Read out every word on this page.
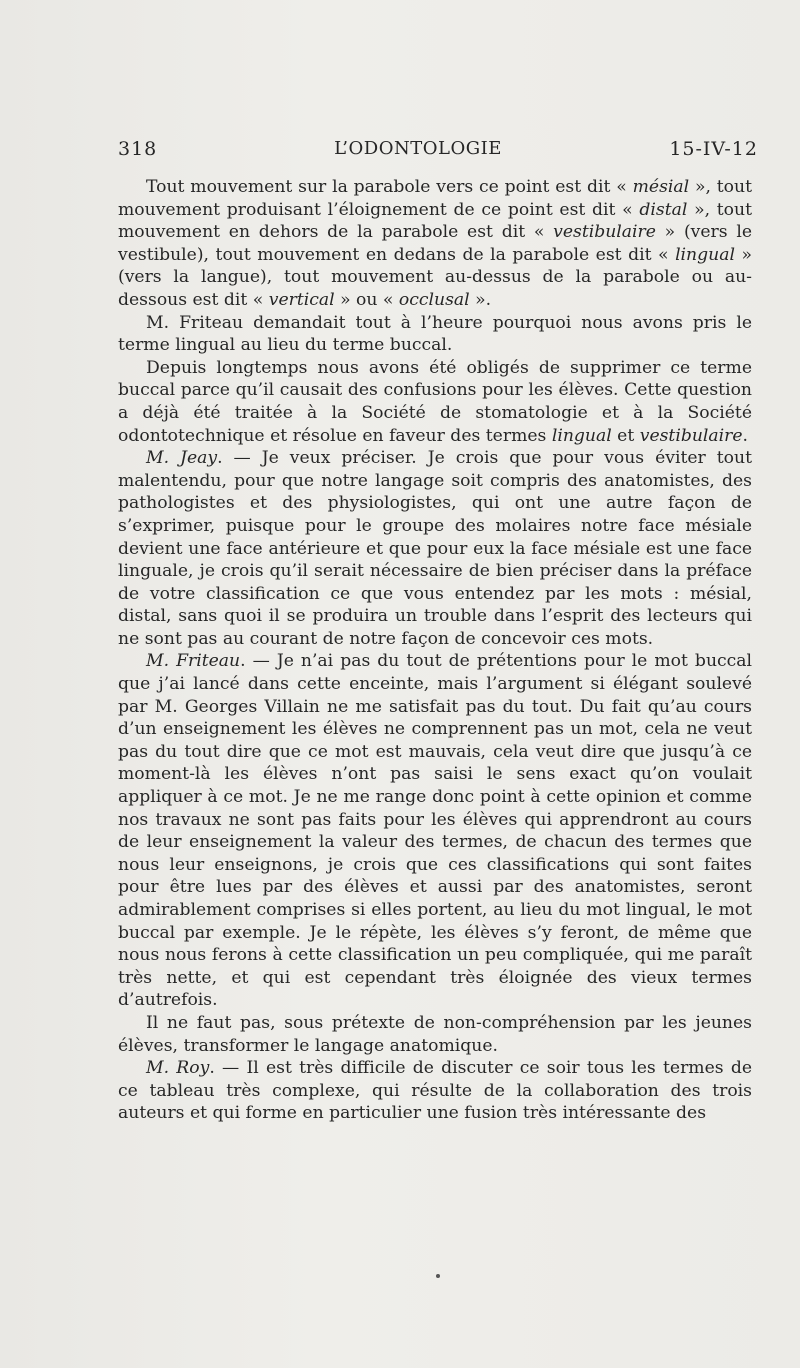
318	L’ODONTOLOGIE	15-IV-12

Tout mouvement sur la parabole vers ce point est dit « mésial », tout mouvement produisant l’éloignement de ce point est dit « distal », tout mouvement en dehors de la parabole est dit « vestibulaire » (vers le vestibule), tout mouvement en dedans de la parabole est dit « lingual » (vers la langue), tout mouvement au-dessus de la parabole ou au-dessous est dit « vertical » ou « occlusal ».

M. Friteau demandait tout à l’heure pourquoi nous avons pris le terme lingual au lieu du terme buccal.

Depuis longtemps nous avons été obligés de supprimer ce terme buccal parce qu’il causait des confusions pour les élèves. Cette question a déjà été traitée à la Société de stomatologie et à la Société odontotechnique et résolue en faveur des termes lingual et vestibulaire.

M. Jeay. — Je veux préciser. Je crois que pour vous éviter tout malentendu, pour que notre langage soit compris des anatomistes, des pathologistes et des physiologistes, qui ont une autre façon de s’exprimer, puisque pour le groupe des molaires notre face mésiale devient une face antérieure et que pour eux la face mésiale est une face linguale, je crois qu’il serait nécessaire de bien préciser dans la préface de votre classification ce que vous entendez par les mots : mésial, distal, sans quoi il se produira un trouble dans l’esprit des lecteurs qui ne sont pas au courant de notre façon de concevoir ces mots.

M. Friteau. — Je n’ai pas du tout de prétentions pour le mot buccal que j’ai lancé dans cette enceinte, mais l’argument si élégant soulevé par M. Georges Villain ne me satisfait pas du tout. Du fait qu’au cours d’un enseignement les élèves ne comprennent pas un mot, cela ne veut pas du tout dire que ce mot est mauvais, cela veut dire que jusqu’à ce moment-là les élèves n’ont pas saisi le sens exact qu’on voulait appliquer à ce mot. Je ne me range donc point à cette opinion et comme nos travaux ne sont pas faits pour les élèves qui apprendront au cours de leur enseignement la valeur des termes, de chacun des termes que nous leur enseignons, je crois que ces classifications qui sont faites pour être lues par des élèves et aussi par des anatomistes, seront admirablement comprises si elles portent, au lieu du mot lingual, le mot buccal par exemple. Je le répète, les élèves s’y feront, de même que nous nous ferons à cette classification un peu compliquée, qui me paraît très nette, et qui est cependant très éloignée des vieux termes d’autrefois.

Il ne faut pas, sous prétexte de non-compréhension par les jeunes élèves, transformer le langage anatomique.

M. Roy. — Il est très difficile de discuter ce soir tous les termes de ce tableau très complexe, qui résulte de la collaboration des trois auteurs et qui forme en particulier une fusion très intéressante des
